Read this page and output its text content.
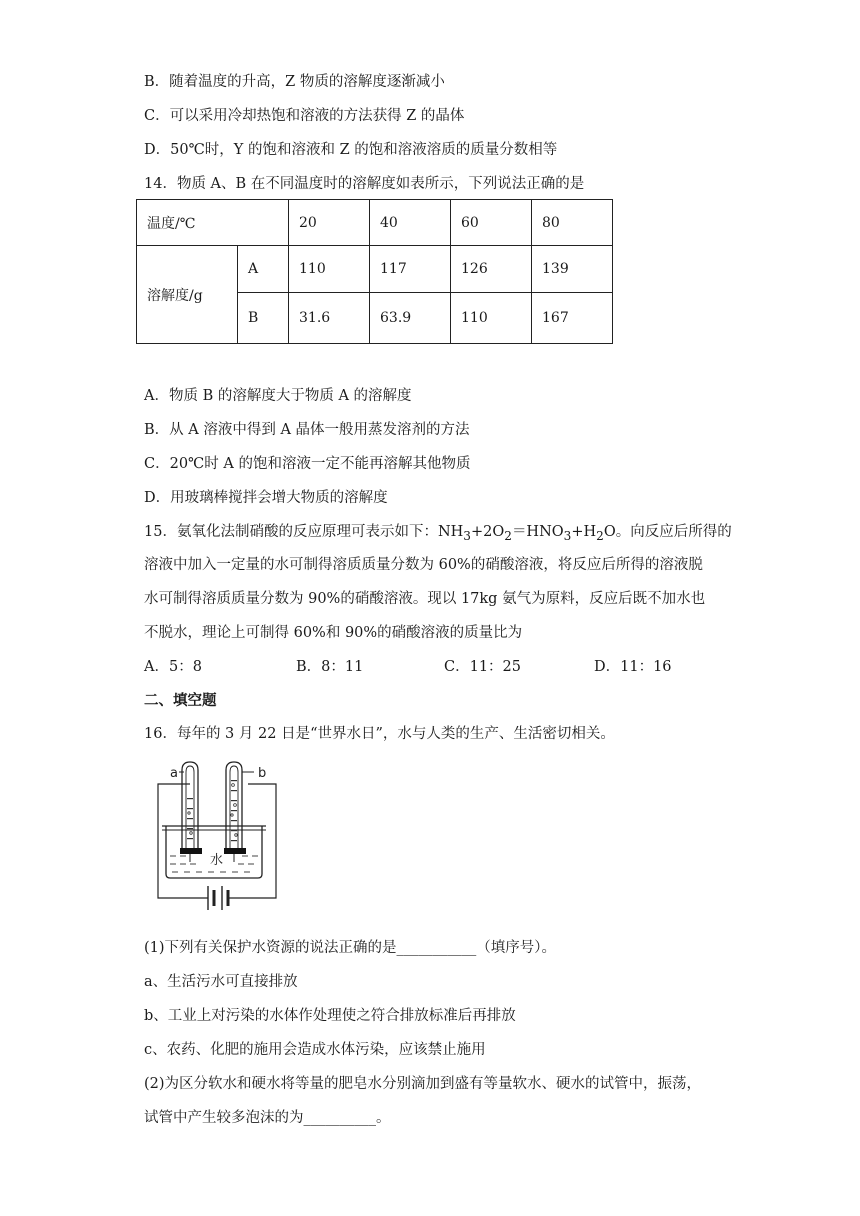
B．随着温度的升高，Z 物质的溶解度逐渐减小
C．可以采用冷却热饱和溶液的方法获得 Z 的晶体
D．50℃时，Y 的饱和溶液和 Z 的饱和溶液溶质的质量分数相等
14．物质 A、B 在不同温度时的溶解度如表所示，下列说法正确的是
温度/℃		20	40	60	80
溶解度/g	A	110	117	126	139
	B	31.6	63.9	110	167
A．物质 B 的溶解度大于物质 A 的溶解度
B．从 A 溶液中得到 A 晶体一般用蒸发溶剂的方法
C．20℃时 A 的饱和溶液一定不能再溶解其他物质
D．用玻璃棒搅拌会增大物质的溶解度
15．氨氧化法制硝酸的反应原理可表示如下：$NH_3+2O_2=HNO_3+H_2O$。向反应后所得的
溶液中加入一定量的水可制得溶质质量分数为 60%的硝酸溶液，将反应后所得的溶液脱
水可制得溶质质量分数为 90%的硝酸溶液。现以 17kg 氨气为原料，反应后既不加水也
不脱水，理论上可制得 60%和 90%的硝酸溶液的质量比为
A．5：8	B．8：11	C．11：25	D．11：16
二、填空题
16．每年的 3 月 22 日是“世界水日”，水与人类的生产、生活密切相关。
水
a	b
(1)下列有关保护水资源的说法正确的是___________（填序号）。
a、生活污水可直接排放
b、工业上对污染的水体作处理使之符合排放标准后再排放
c、农药、化肥的施用会造成水体污染，应该禁止施用
(2)为区分软水和硬水将等量的肥皂水分别滴加到盛有等量软水、硬水的试管中，振荡，
试管中产生较多泡沫的为__________。
